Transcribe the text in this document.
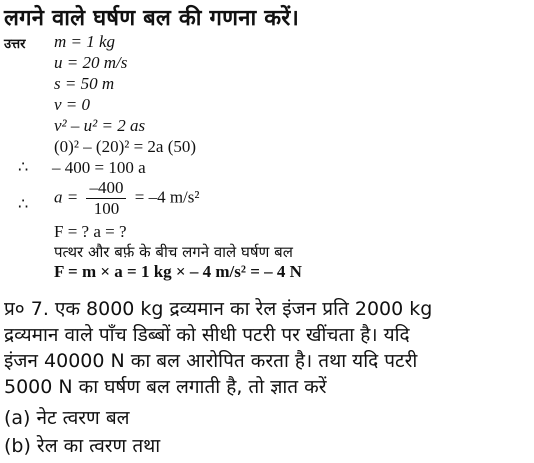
लगने वाले घर्षण बल की गणना करें।
उत्तर m = 1 kg
u = 20 m/s
s = 50 m
v = 0
v² – u² = 2 as
(0)² – (20)² = 2a (50)
∴ – 400 = 100 a
∴ $a = \frac{-400}{100} = -4$ m/s²
F = ? a = ?
पत्थर और बर्फ़ के बीच लगने वाले घर्षण बल
F = m × a = 1 kg × – 4 m/s² = – 4 N
प्र० 7. एक 8000 kg द्रव्यमान का रेल इंजन प्रति 2000 kg
द्रव्यमान वाले पाँच डिब्बों को सीधी पटरी पर खींचता है। यदि
इंजन 40000 N का बल आरोपित करता है। तथा यदि पटरी
5000 N का घर्षण बल लगाती है, तो ज्ञात करें
(a) नेट त्वरण बल
(b) रेल का त्वरण तथा
